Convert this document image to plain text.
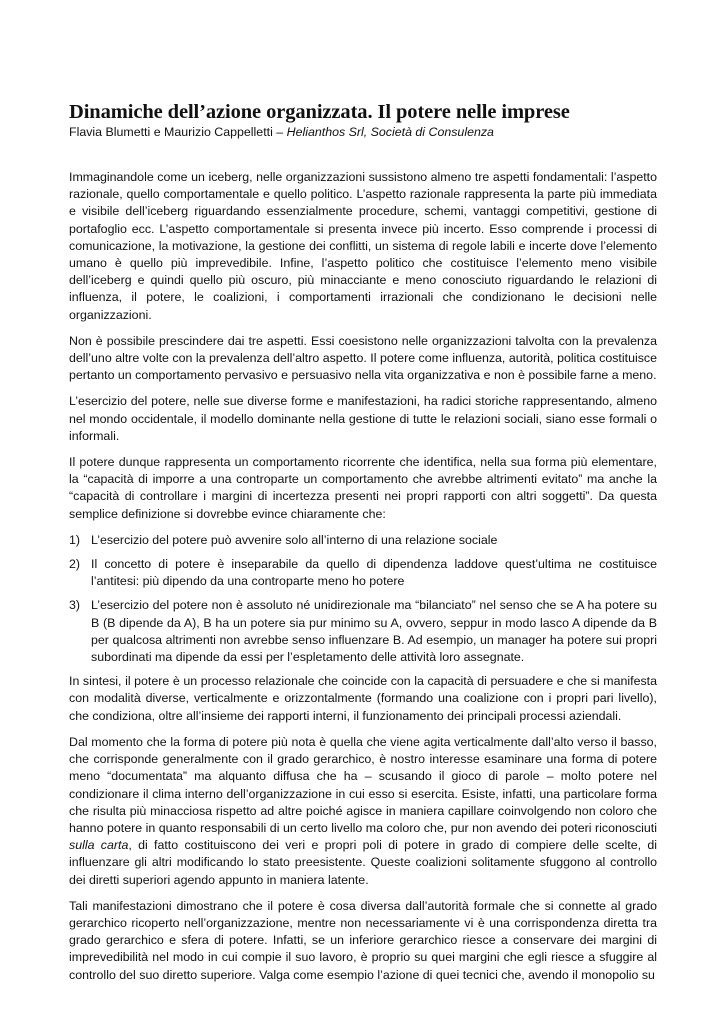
Dinamiche dell’azione organizzata. Il potere nelle imprese

Flavia Blumetti e Maurizio Cappelletti – Helianthos Srl, Società di Consulenza

Immaginandole come un iceberg, nelle organizzazioni sussistono almeno tre aspetti fondamentali: l’aspetto razionale, quello comportamentale e quello politico. L’aspetto razionale rappresenta la parte più immediata e visibile dell’iceberg riguardando essenzialmente procedure, schemi, vantaggi competitivi, gestione di portafoglio ecc. L’aspetto comportamentale si presenta invece più incerto. Esso comprende i processi di comunicazione, la motivazione, la gestione dei conflitti, un sistema di regole labili e incerte dove l’elemento umano è quello più imprevedibile. Infine, l’aspetto politico che costituisce l’elemento meno visibile dell’iceberg e quindi quello più oscuro, più minacciante e meno conosciuto riguardando le relazioni di influenza, il potere, le coalizioni, i comportamenti irrazionali che condizionano le decisioni nelle organizzazioni.

Non è possibile prescindere dai tre aspetti. Essi coesistono nelle organizzazioni talvolta con la prevalenza dell’uno altre volte con la prevalenza dell’altro aspetto. Il potere come influenza, autorità, politica costituisce pertanto un comportamento pervasivo e persuasivo nella vita organizzativa e non è possibile farne a meno.

L’esercizio del potere, nelle sue diverse forme e manifestazioni, ha radici storiche rappresentando, almeno nel mondo occidentale, il modello dominante nella gestione di tutte le relazioni sociali, siano esse formali o informali.

Il potere dunque rappresenta un comportamento ricorrente che identifica, nella sua forma più elementare, la “capacità di imporre a una controparte un comportamento che avrebbe altrimenti evitato” ma anche la “capacità di controllare i margini di incertezza presenti nei propri rapporti con altri soggetti”. Da questa semplice definizione si dovrebbe evince chiaramente che:

1) L’esercizio del potere può avvenire solo all’interno di una relazione sociale
2) Il concetto di potere è inseparabile da quello di dipendenza laddove quest’ultima ne costituisce l’antitesi: più dipendo da una controparte meno ho potere
3) L’esercizio del potere non è assoluto né unidirezionale ma “bilanciato” nel senso che se A ha potere su B (B dipende da A), B ha un potere sia pur minimo su A, ovvero, seppur in modo lasco A dipende da B per qualcosa altrimenti non avrebbe senso influenzare B. Ad esempio, un manager ha potere sui propri subordinati ma dipende da essi per l’espletamento delle attività loro assegnate.

In sintesi, il potere è un processo relazionale che coincide con la capacità di persuadere e che si manifesta con modalità diverse, verticalmente e orizzontalmente (formando una coalizione con i propri pari livello), che condiziona, oltre all’insieme dei rapporti interni, il funzionamento dei principali processi aziendali.

Dal momento che la forma di potere più nota è quella che viene agita verticalmente dall’alto verso il basso, che corrisponde generalmente con il grado gerarchico, è nostro interesse esaminare una forma di potere meno “documentata” ma alquanto diffusa che ha – scusando il gioco di parole – molto potere nel condizionare il clima interno dell’organizzazione in cui esso si esercita. Esiste, infatti, una particolare forma che risulta più minacciosa rispetto ad altre poiché agisce in maniera capillare coinvolgendo non coloro che hanno potere in quanto responsabili di un certo livello ma coloro che, pur non avendo dei poteri riconosciuti sulla carta, di fatto costituiscono dei veri e propri poli di potere in grado di compiere delle scelte, di influenzare gli altri modificando lo stato preesistente. Queste coalizioni solitamente sfuggono al controllo dei diretti superiori agendo appunto in maniera latente.

Tali manifestazioni dimostrano che il potere è cosa diversa dall’autorità formale che si connette al grado gerarchico ricoperto nell’organizzazione, mentre non necessariamente vi è una corrispondenza diretta tra grado gerarchico e sfera di potere. Infatti, se un inferiore gerarchico riesce a conservare dei margini di imprevedibilità nel modo in cui compie il suo lavoro, è proprio su quei margini che egli riesce a sfuggire al controllo del suo diretto superiore. Valga come esempio l’azione di quei tecnici che, avendo il monopolio su
